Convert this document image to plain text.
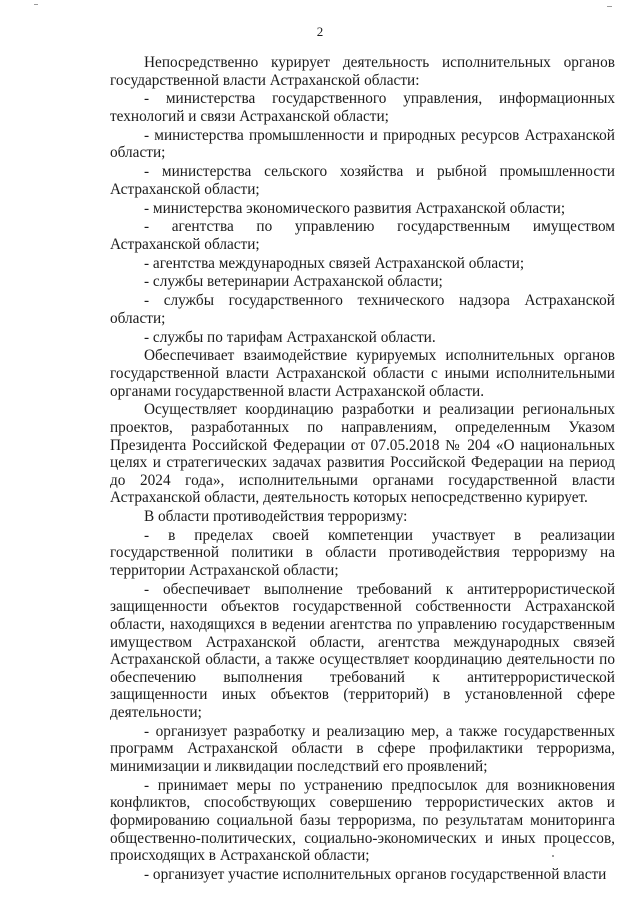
2

Непосредственно курирует деятельность исполнительных органов государственной власти Астраханской области:

- министерства государственного управления, информационных технологий и связи Астраханской области;

- министерства промышленности и природных ресурсов Астраханской области;

- министерства сельского хозяйства и рыбной промышленности Астраханской области;

- министерства экономического развития Астраханской области;

- агентства по управлению государственным имуществом Астраханской области;

- агентства международных связей Астраханской области;

- службы ветеринарии Астраханской области;

- службы государственного технического надзора Астраханской области;

- службы по тарифам Астраханской области.

Обеспечивает взаимодействие курируемых исполнительных органов государственной власти Астраханской области с иными исполнительными органами государственной власти Астраханской области.

Осуществляет координацию разработки и реализации региональных проектов, разработанных по направлениям, определенным Указом Президента Российской Федерации от 07.05.2018 № 204 «О национальных целях и стратегических задачах развития Российской Федерации на период до 2024 года», исполнительными органами государственной власти Астраханской области, деятельность которых непосредственно курирует.

В области противодействия терроризму:

- в пределах своей компетенции участвует в реализации государственной политики в области противодействия терроризму на территории Астраханской области;

- обеспечивает выполнение требований к антитеррористической защищенности объектов государственной собственности Астраханской области, находящихся в ведении агентства по управлению государственным имуществом Астраханской области, агентства международных связей Астраханской области, а также осуществляет координацию деятельности по обеспечению выполнения требований к антитеррористической защищенности иных объектов (территорий) в установленной сфере деятельности;

- организует разработку и реализацию мер, а также государственных программ Астраханской области в сфере профилактики терроризма, минимизации и ликвидации последствий его проявлений;

- принимает меры по устранению предпосылок для возникновения конфликтов, способствующих совершению террористических актов и формированию социальной базы терроризма, по результатам мониторинга общественно-политических, социально-экономических и иных процессов, происходящих в Астраханской области;

- организует участие исполнительных органов государственной власти
